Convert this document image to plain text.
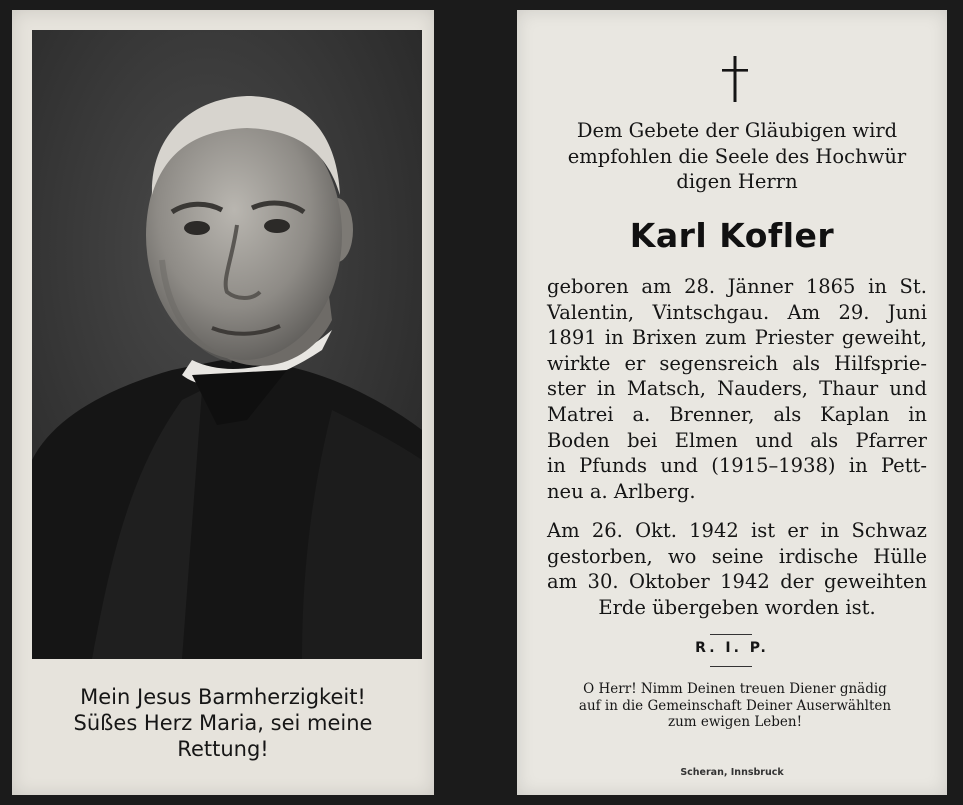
Mein Jesus Barmherzigkeit!
Süßes Herz Maria, sei meine
Rettung!
Dem Gebete der Gläubigen wird
empfohlen die Seele des Hochwür
digen Herrn
Karl Kofler
geboren am 28. Jänner 1865 in St.
Valentin, Vintschgau. Am 29. Juni
1891 in Brixen zum Priester geweiht,
wirkte er segensreich als Hilfsprie-
ster in Matsch, Nauders, Thaur und
Matrei a. Brenner, als Kaplan in
Boden bei Elmen und als Pfarrer
in Pfunds und (1915–1938) in Pett-
neu a. Arlberg.
Am 26. Okt. 1942 ist er in Schwaz
gestorben, wo seine irdische Hülle
am 30. Oktober 1942 der geweihten
Erde übergeben worden ist.
R. I. P.
O Herr! Nimm Deinen treuen Diener gnädig
auf in die Gemeinschaft Deiner Auserwählten
zum ewigen Leben!
Scheran, Innsbruck
